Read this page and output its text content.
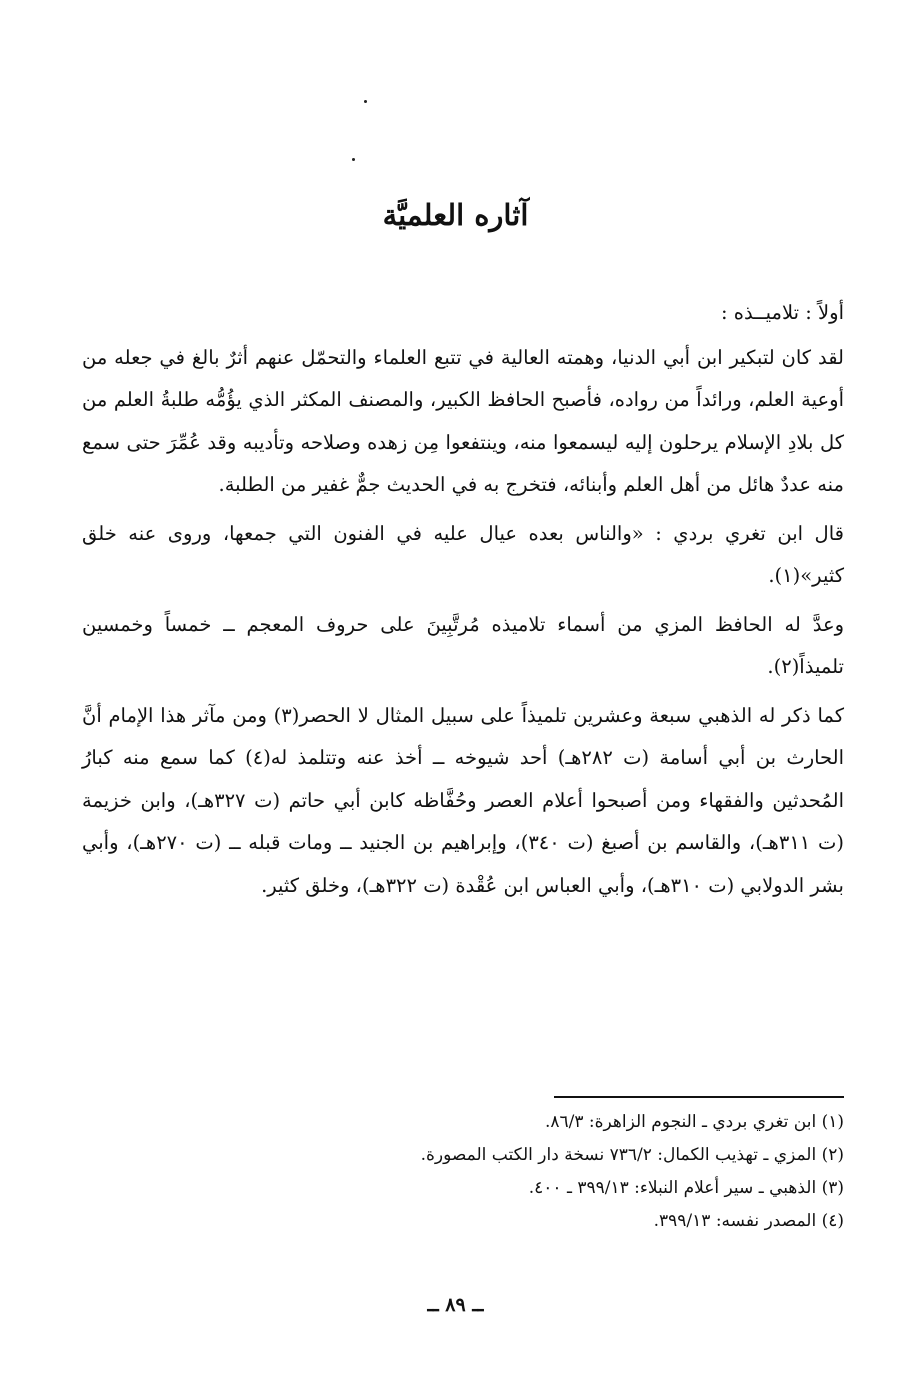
آثاره العلميَّة

أولاً : تلاميــذه :

لقد كان لتبكير ابن أبي الدنيا، وهمته العالية في تتبع العلماء والتحمّل عنهم أثرٌ بالغ في جعله من أوعية العلم، ورائداً من رواده، فأصبح الحافظ الكبير، والمصنف المكثر الذي يؤُمُّه طلبةُ العلم من كل بلادِ الإسلام يرحلون إليه ليسمعوا منه، وينتفعوا مِن زهده وصلاحه وتأديبه وقد عُمِّرَ حتى سمع منه عددٌ هائل من أهل العلم وأبنائه، فتخرج به في الحديث جمٌّ غفير من الطلبة.

قال ابن تغري بردي : «والناس بعده عيال عليه في الفنون التي جمعها، وروى عنه خلق كثير»(١).

وعدَّ له الحافظ المزي من أسماء تلاميذه مُرتَّبِينَ على حروف المعجم ــ خمساً وخمسين تلميذاً(٢).

كما ذكر له الذهبي سبعة وعشرين تلميذاً على سبيل المثال لا الحصر(٣) ومن مآثر هذا الإمام أنَّ الحارث بن أبي أسامة (ت ٢٨٢هـ) أحد شيوخه ــ أخذ عنه وتتلمذ له(٤) كما سمع منه كبارُ المُحدثين والفقهاء ومن أصبحوا أعلام العصر وحُفَّاظه كابن أبي حاتم (ت ٣٢٧هـ)، وابن خزيمة (ت ٣١١هـ)، والقاسم بن أصبغ (ت ٣٤٠)، وإبراهيم بن الجنيد ــ ومات قبله ــ (ت ٢٧٠هـ)، وأبي بشر الدولابي (ت ٣١٠هـ)، وأبي العباس ابن عُقْدة (ت ٣٢٢هـ)، وخلق كثير.

(١) ابن تغري بردي ـ النجوم الزاهرة: ٨٦/٣.
(٢) المزي ـ تهذيب الكمال: ٧٣٦/٢ نسخة دار الكتب المصورة.
(٣) الذهبي ـ سير أعلام النبلاء: ٣٩٩/١٣ ـ ٤٠٠.
(٤) المصدر نفسه: ٣٩٩/١٣.
ــ ٨٩ ــ
